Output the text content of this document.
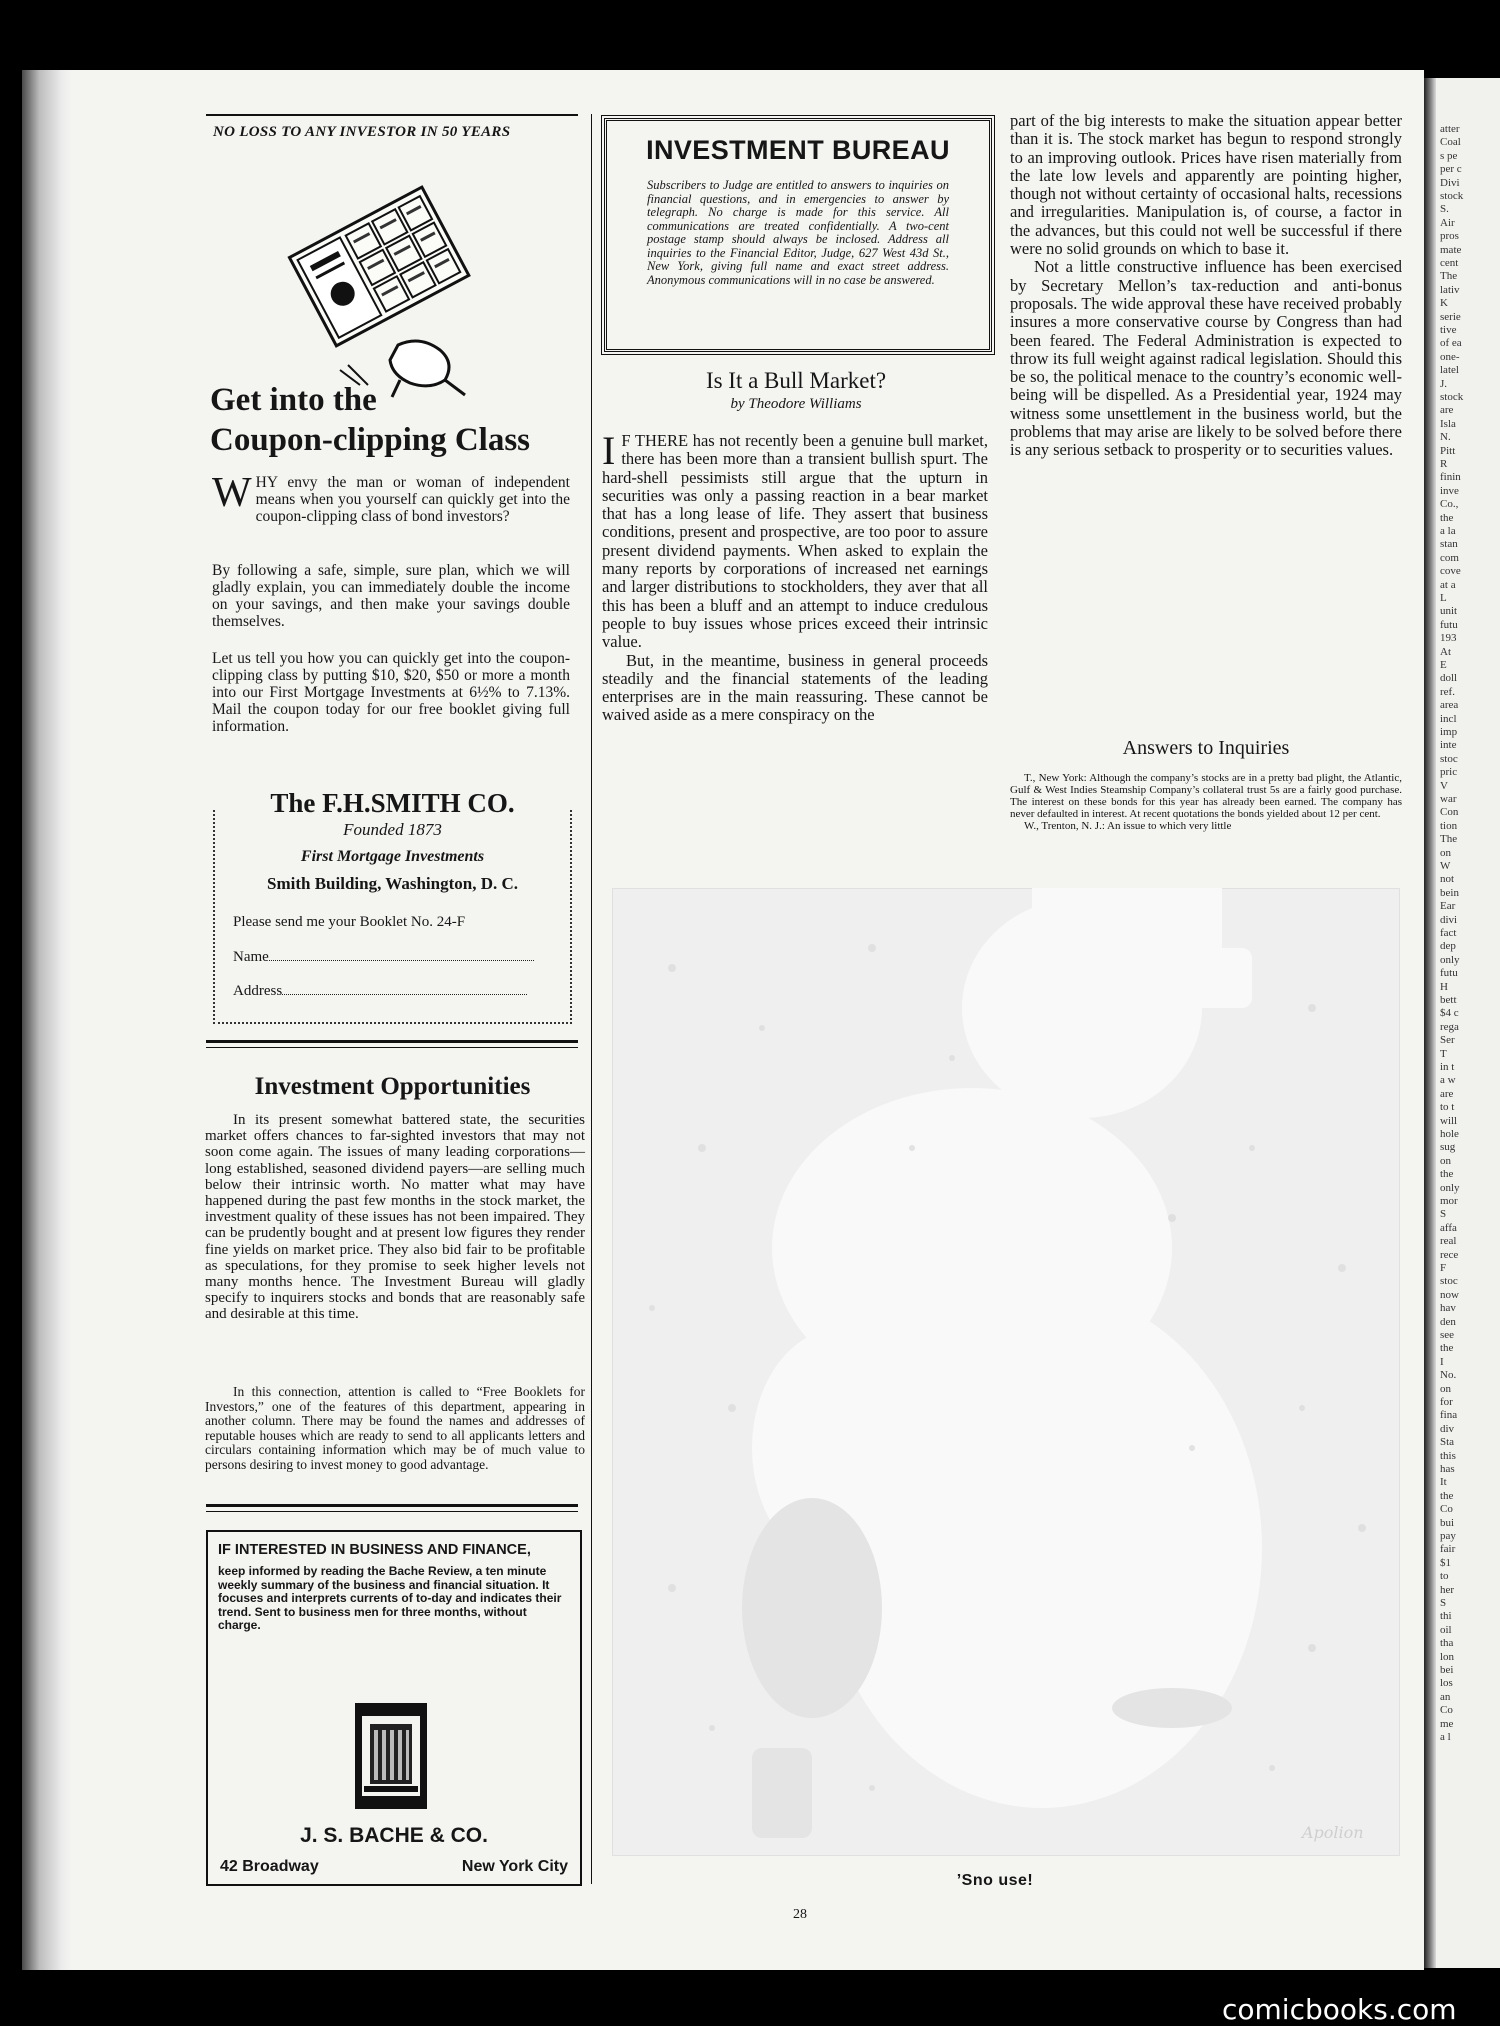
atter
Coal
s pe
per c
Divi
stock
S.
Air
pros
mate
cent
The
lativ
K
serie
tive
of ea
one-
latel
J.
stock
are
Isla
N.
Pitt
R
finin
inve
Co.,
the
a la
stan
com
cove
at a
L
unit
futu
193
At
E
doll
ref.
area
incl
imp
inte
stoc
pric
V
war
Con
tion
The
on
W
not
bein
Ear
divi
fact
dep
only
futu
H
bett
$4 c
rega
Ser
T
in t
a w
are
to t
will
hole
sug
on
the
only
mor
S
affa
real
rece
F
stoc
now
hav
den
see
the
I
No.
on
for
fina
div
Sta
this
has
It
the
Co
bui
pay
fair
$1
to
her
S
thi
oil
tha
lon
bei
los
an
Co
me
a l
NO LOSS TO ANY INVESTOR IN 50 YEARS
Get into the
Coupon-clipping Class
WHY envy the man or woman of independent means when you yourself can quickly get into the coupon-clipping class of bond investors?
By following a safe, simple, sure plan, which we will gladly explain, you can immediately double the income on your savings, and then make your savings double themselves.
Let us tell you how you can quickly get into the coupon-clipping class by putting $10, $20, $50 or more a month into our First Mortgage Investments at 6½% to 7.13%. Mail the coupon today for our free booklet giving full information.
The F.H.SMITH CO.
Founded 1873
First Mortgage Investments
Smith Building, Washington, D. C.
Please send me your Booklet No. 24-F
Name
Address
Investment Opportunities
In its present somewhat battered state, the securities market offers chances to far-sighted investors that may not soon come again. The issues of many leading corporations—long established, seasoned dividend payers—are selling much below their intrinsic worth. No matter what may have happened during the past few months in the stock market, the investment quality of these issues has not been impaired. They can be prudently bought and at present low figures they render fine yields on market price. They also bid fair to be profitable as speculations, for they promise to seek higher levels not many months hence. The Investment Bureau will gladly specify to inquirers stocks and bonds that are reasonably safe and desirable at this time.
In this connection, attention is called to “Free Booklets for Investors,” one of the features of this department, appearing in another column. There may be found the names and addresses of reputable houses which are ready to send to all applicants letters and circulars containing information which may be of much value to persons desiring to invest money to good advantage.
IF INTERESTED IN BUSINESS AND FINANCE,
keep informed by reading the Bache Review, a ten minute weekly summary of the business and financial situation. It focuses and interprets currents of to-day and indicates their trend. Sent to business men for three months, without charge.
J. S. BACHE & CO.
42 Broadway	New York City
INVESTMENT BUREAU
Subscribers to Judge are entitled to answers to inquiries on financial questions, and in emergencies to answer by telegraph. No charge is made for this service. All communications are treated confidentially. A two-cent postage stamp should always be inclosed. Address all inquiries to the Financial Editor, Judge, 627 West 43d St., New York, giving full name and exact street address. Anonymous communications will in no case be answered.
Is It a Bull Market?
by Theodore Williams

I F THERE has not recently been a genuine bull market, there has been more than a transient bullish spurt. The hard-shell pessimists still argue that the upturn in securities was only a passing reaction in a bear market that has a long lease of life. They assert that business conditions, present and prospective, are too poor to assure present dividend payments. When asked to explain the many reports by corporations of increased net earnings and larger distributions to stockholders, they aver that all this has been a bluff and an attempt to induce credulous people to buy issues whose prices exceed their intrinsic value.

But, in the meantime, business in general proceeds steadily and the financial statements of the leading enterprises are in the main reassuring. These cannot be waived aside as a mere conspiracy on the

part of the big interests to make the situation appear better than it is. The stock market has begun to respond strongly to an improving outlook. Prices have risen materially from the late low levels and apparently are pointing higher, though not without certainty of occasional halts, recessions and irregularities. Manipulation is, of course, a factor in the advances, but this could not well be successful if there were no solid grounds on which to base it.

Not a little constructive influence has been exercised by Secretary Mellon’s tax-reduction and anti-bonus proposals. The wide approval these have received probably insures a more conservative course by Congress than had been feared. The Federal Administration is expected to throw its full weight against radical legislation. Should this be so, the political menace to the country’s economic well-being will be dispelled. As a Presidential year, 1924 may witness some unsettlement in the business world, but the problems that may arise are likely to be solved before there is any serious setback to prosperity or to securities values.

Answers to Inquiries

T., New York: Although the company’s stocks are in a pretty bad plight, the Atlantic, Gulf & West Indies Steamship Company’s collateral trust 5s are a fairly good purchase. The interest on these bonds for this year has already been earned. The company has never defaulted in interest. At recent quotations the bonds yielded about 12 per cent.

W., Trenton, N. J.: An issue to which very little

Apolion
’Sno use!
28
comicbooks.com
